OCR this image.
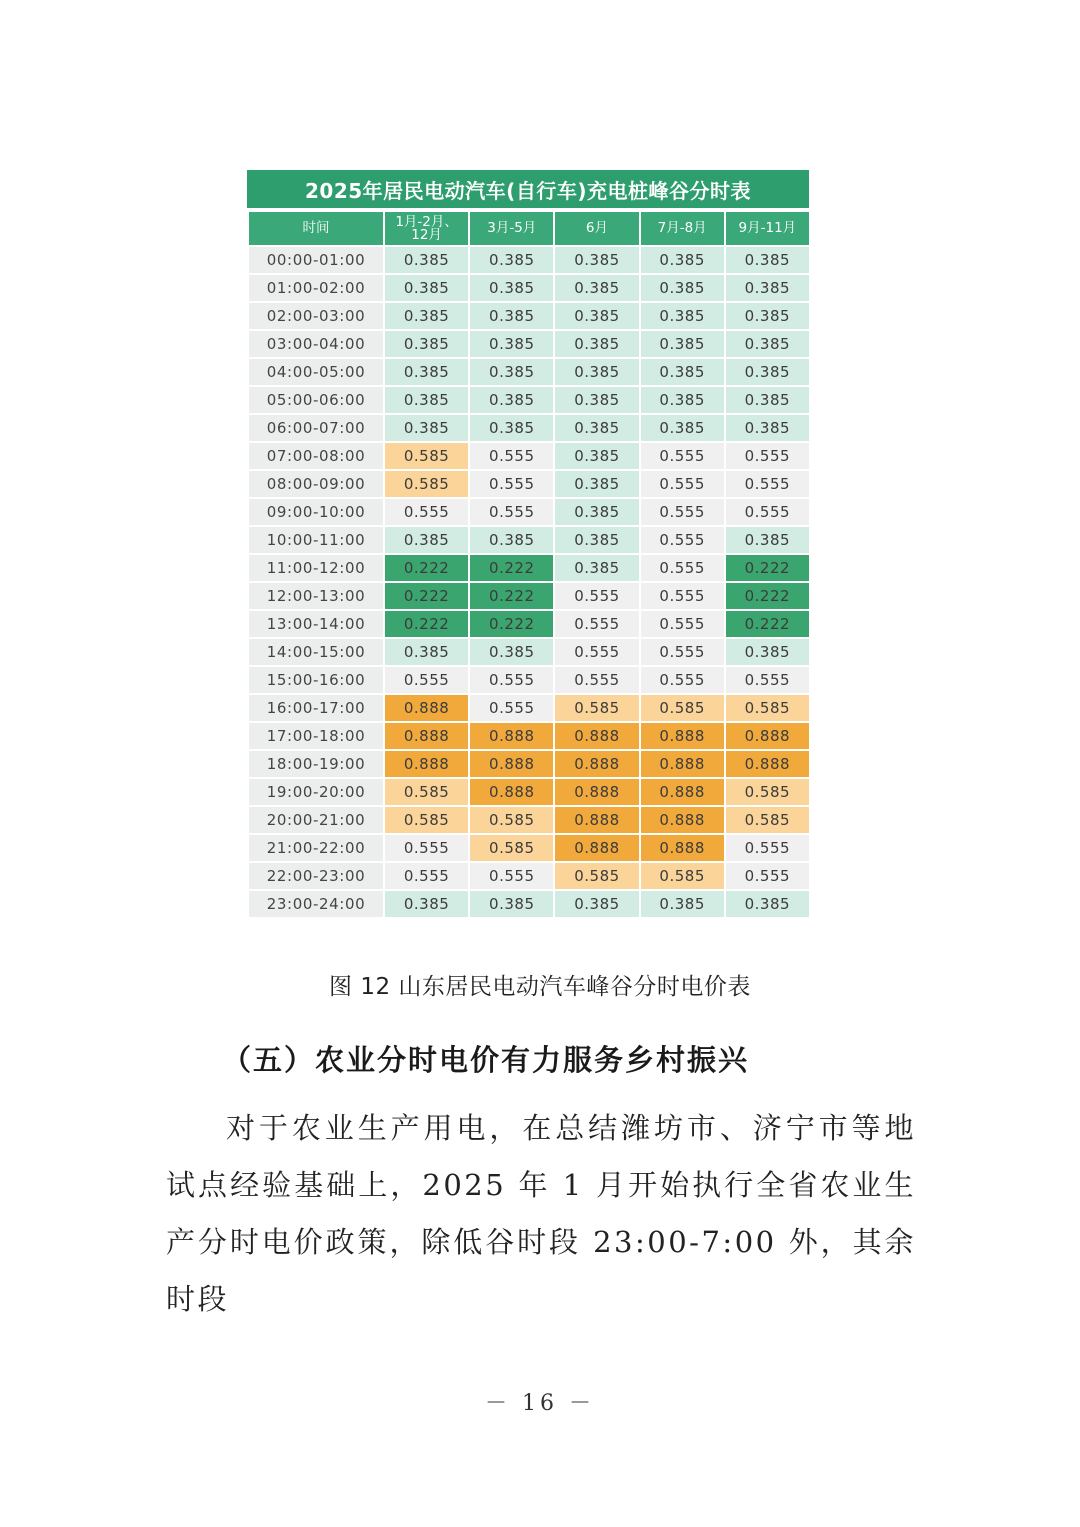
2025年居民电动汽车(自行车)充电桩峰谷分时表
时间	1月-2月、12月	3月-5月	6月	7月-8月	9月-11月
00:00-01:00	0.385	0.385	0.385	0.385	0.385
01:00-02:00	0.385	0.385	0.385	0.385	0.385
02:00-03:00	0.385	0.385	0.385	0.385	0.385
03:00-04:00	0.385	0.385	0.385	0.385	0.385
04:00-05:00	0.385	0.385	0.385	0.385	0.385
05:00-06:00	0.385	0.385	0.385	0.385	0.385
06:00-07:00	0.385	0.385	0.385	0.385	0.385
07:00-08:00	0.585	0.555	0.385	0.555	0.555
08:00-09:00	0.585	0.555	0.385	0.555	0.555
09:00-10:00	0.555	0.555	0.385	0.555	0.555
10:00-11:00	0.385	0.385	0.385	0.555	0.385
11:00-12:00	0.222	0.222	0.385	0.555	0.222
12:00-13:00	0.222	0.222	0.555	0.555	0.222
13:00-14:00	0.222	0.222	0.555	0.555	0.222
14:00-15:00	0.385	0.385	0.555	0.555	0.385
15:00-16:00	0.555	0.555	0.555	0.555	0.555
16:00-17:00	0.888	0.555	0.585	0.585	0.585
17:00-18:00	0.888	0.888	0.888	0.888	0.888
18:00-19:00	0.888	0.888	0.888	0.888	0.888
19:00-20:00	0.585	0.888	0.888	0.888	0.585
20:00-21:00	0.585	0.585	0.888	0.888	0.585
21:00-22:00	0.555	0.585	0.888	0.888	0.555
22:00-23:00	0.555	0.555	0.585	0.585	0.555
23:00-24:00	0.385	0.385	0.385	0.385	0.385
图 12 山东居民电动汽车峰谷分时电价表
（五）农业分时电价有力服务乡村振兴
对于农业生产用电，在总结潍坊市、济宁市等地试点经验基础上，2025 年 1 月开始执行全省农业生产分时电价政策，除低谷时段 23:00-7:00 外，其余时段
－ 16 －
